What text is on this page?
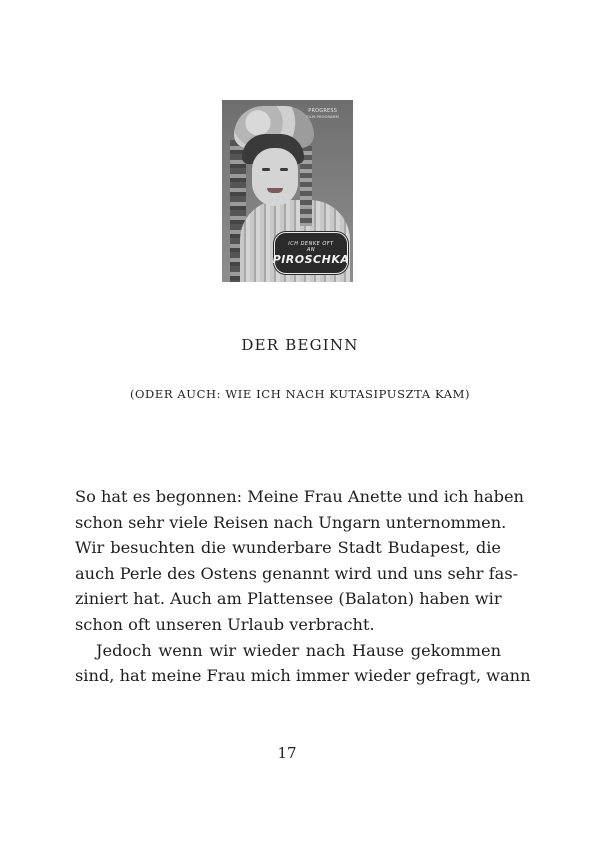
PROGRESS
FILM-PROGRAMM
ICH DENKE OFT
AN
PIROSCHKA
DER BEGINN
(ODER AUCH: WIE ICH NACH KUTASIPUSZTA KAM)

So hat es begonnen: Meine Frau Anette und ich haben
schon sehr viele Reisen nach Ungarn unternommen.
Wir besuchten die wunderbare Stadt Budapest, die
auch Perle des Ostens genannt wird und uns sehr fas-
ziniert hat. Auch am Plattensee (Balaton) haben wir
schon oft unseren Urlaub verbracht.

Jedoch wenn wir wieder nach Hause gekommen
sind, hat meine Frau mich immer wieder gefragt, wann

17
